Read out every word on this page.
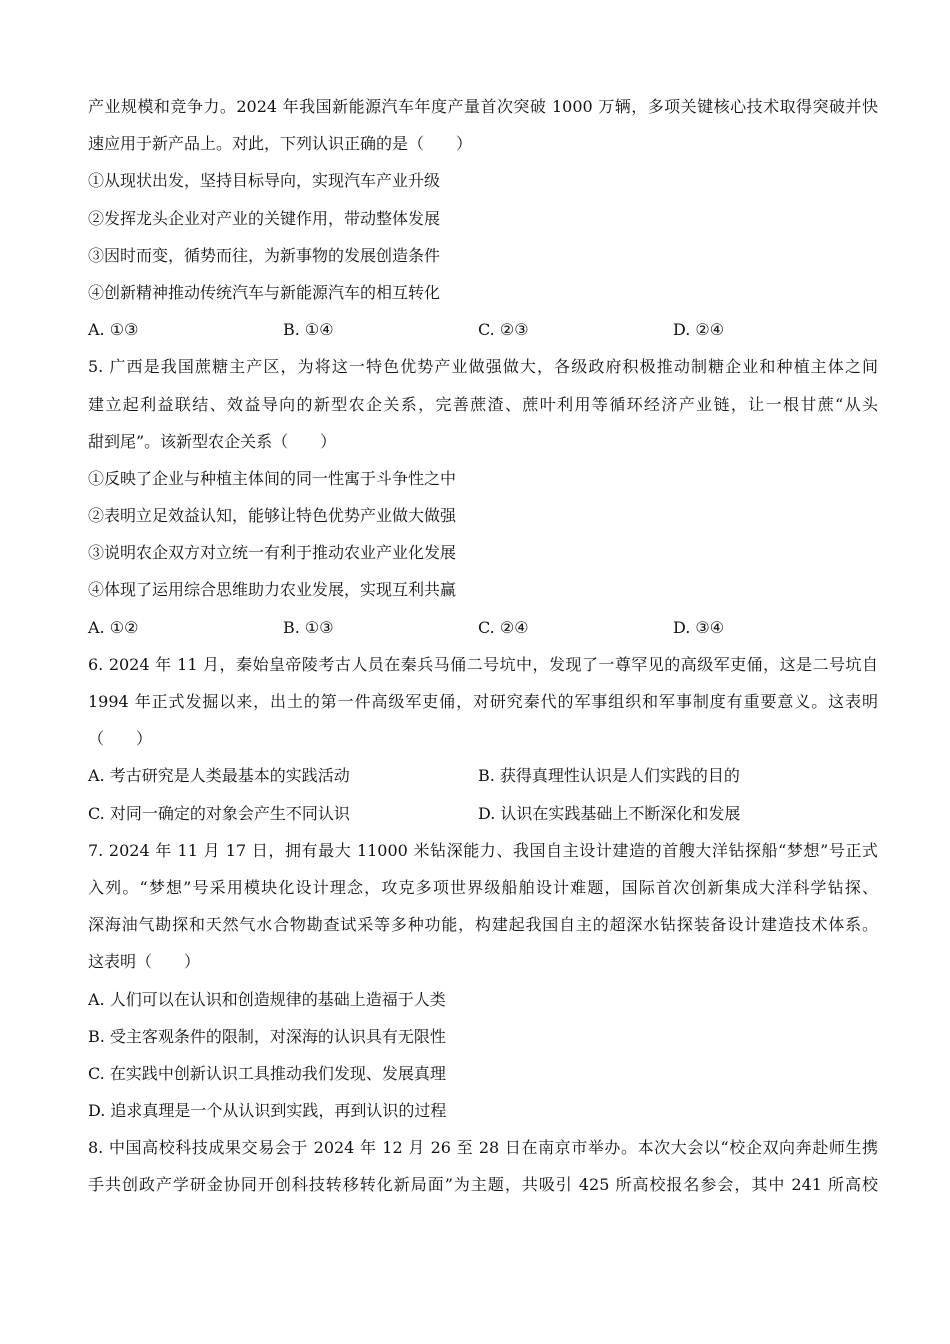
产业规模和竞争力。2024 年我国新能源汽车年度产量首次突破 1000 万辆，多项关键核心技术取得突破并快
速应用于新产品上。对此，下列认识正确的是（　　）
①从现状出发，坚持目标导向，实现汽车产业升级
②发挥龙头企业对产业的关键作用，带动整体发展
③因时而变，循势而往，为新事物的发展创造条件
④创新精神推动传统汽车与新能源汽车的相互转化
A. ①③	B. ①④	C. ②③	D. ②④
5. 广西是我国蔗糖主产区，为将这一特色优势产业做强做大，各级政府积极推动制糖企业和种植主体之间
建立起利益联结、效益导向的新型农企关系，完善蔗渣、蔗叶利用等循环经济产业链，让一根甘蔗“从头
甜到尾”。该新型农企关系（　　）
①反映了企业与种植主体间的同一性寓于斗争性之中
②表明立足效益认知，能够让特色优势产业做大做强
③说明农企双方对立统一有利于推动农业产业化发展
④体现了运用综合思维助力农业发展，实现互利共赢
A. ①②	B. ①③	C. ②④	D. ③④
6. 2024 年 11 月，秦始皇帝陵考古人员在秦兵马俑二号坑中，发现了一尊罕见的高级军吏俑，这是二号坑自
1994 年正式发掘以来，出土的第一件高级军吏俑，对研究秦代的军事组织和军事制度有重要意义。这表明
（　　）
A. 考古研究是人类最基本的实践活动	B. 获得真理性认识是人们实践的目的
C. 对同一确定的对象会产生不同认识	D. 认识在实践基础上不断深化和发展
7. 2024 年 11 月 17 日，拥有最大 11000 米钻深能力、我国自主设计建造的首艘大洋钻探船“梦想”号正式
入列。“梦想”号采用模块化设计理念，攻克多项世界级船舶设计难题，国际首次创新集成大洋科学钻探、
深海油气勘探和天然气水合物勘查试采等多种功能，构建起我国自主的超深水钻探装备设计建造技术体系。
这表明（　　）
A. 人们可以在认识和创造规律的基础上造福于人类
B. 受主客观条件的限制，对深海的认识具有无限性
C. 在实践中创新认识工具推动我们发现、发展真理
D. 追求真理是一个从认识到实践，再到认识的过程
8. 中国高校科技成果交易会于 2024 年 12 月 26 至 28 日在南京市举办。本次大会以“校企双向奔赴师生携
手共创政产学研金协同开创科技转移转化新局面”为主题，共吸引 425 所高校报名参会，其中 241 所高校
